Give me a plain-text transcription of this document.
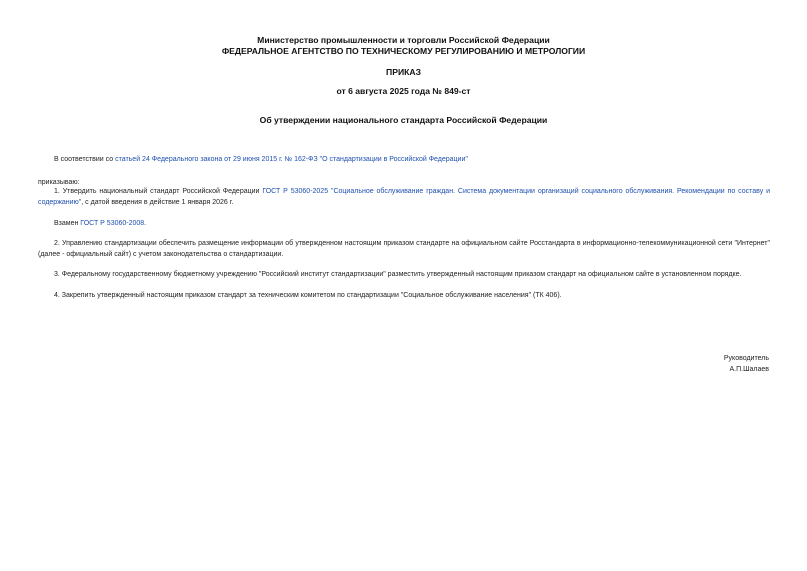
Министерство промышленности и торговли Российской Федерации
ФЕДЕРАЛЬНОЕ АГЕНТСТВО ПО ТЕХНИЧЕСКОМУ РЕГУЛИРОВАНИЮ И МЕТРОЛОГИИ
ПРИКАЗ
от 6 августа 2025 года № 849-ст
Об утверждении национального стандарта Российской Федерации
В соответствии со статьей 24 Федерального закона от 29 июня 2015 г. № 162-ФЗ "О стандартизации в Российской Федерации"
приказываю:
1. Утвердить национальный стандарт Российской Федерации ГОСТ Р 53060-2025 "Социальное обслуживание граждан. Система документации организаций социального обслуживания. Рекомендации по составу и содержанию", с датой введения в действие 1 января 2026 г.
Взамен ГОСТ Р 53060-2008.
2. Управлению стандартизации обеспечить размещение информации об утвержденном настоящим приказом стандарте на официальном сайте Росстандарта в информационно-телекоммуникационной сети "Интернет" (далее - официальный сайт) с учетом законодательства о стандартизации.
3. Федеральному государственному бюджетному учреждению "Российский институт стандартизации" разместить утвержденный настоящим приказом стандарт на официальном сайте в установленном порядке.
4. Закрепить утвержденный настоящим приказом стандарт за техническим комитетом по стандартизации "Социальное обслуживание населения" (ТК 406).
Руководитель
А.П.Шалаев
